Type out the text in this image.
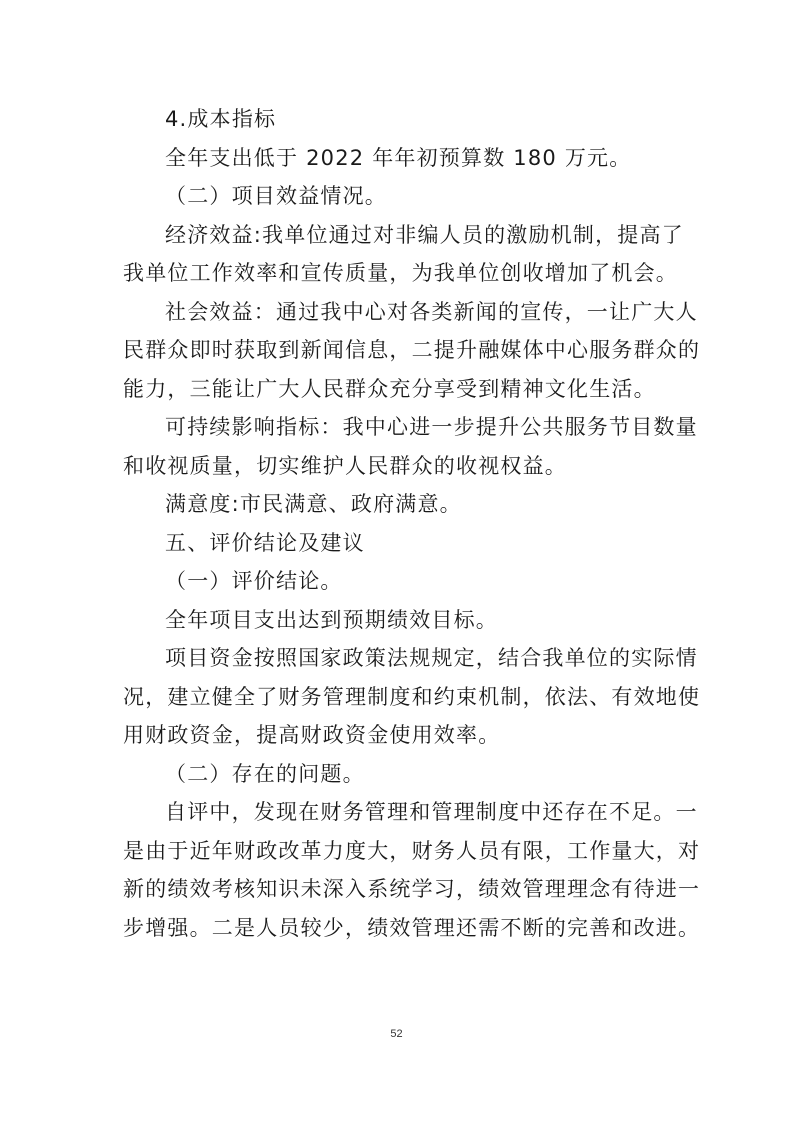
4.成本指标
全年支出低于 2022 年年初预算数 180 万元。
（二）项目效益情况。
经济效益:我单位通过对非编人员的激励机制，提高了
我单位工作效率和宣传质量，为我单位创收增加了机会。
社会效益：通过我中心对各类新闻的宣传，一让广大人
民群众即时获取到新闻信息，二提升融媒体中心服务群众的
能力，三能让广大人民群众充分享受到精神文化生活。
可持续影响指标：我中心进一步提升公共服务节目数量
和收视质量，切实维护人民群众的收视权益。
满意度:市民满意、政府满意。
五、评价结论及建议
（一）评价结论。
全年项目支出达到预期绩效目标。
项目资金按照国家政策法规规定，结合我单位的实际情
况，建立健全了财务管理制度和约束机制，依法、有效地使
用财政资金，提高财政资金使用效率。
（二）存在的问题。
自评中，发现在财务管理和管理制度中还存在不足。一
是由于近年财政改革力度大，财务人员有限，工作量大，对
新的绩效考核知识未深入系统学习，绩效管理理念有待进一
步增强。二是人员较少，绩效管理还需不断的完善和改进。
52
